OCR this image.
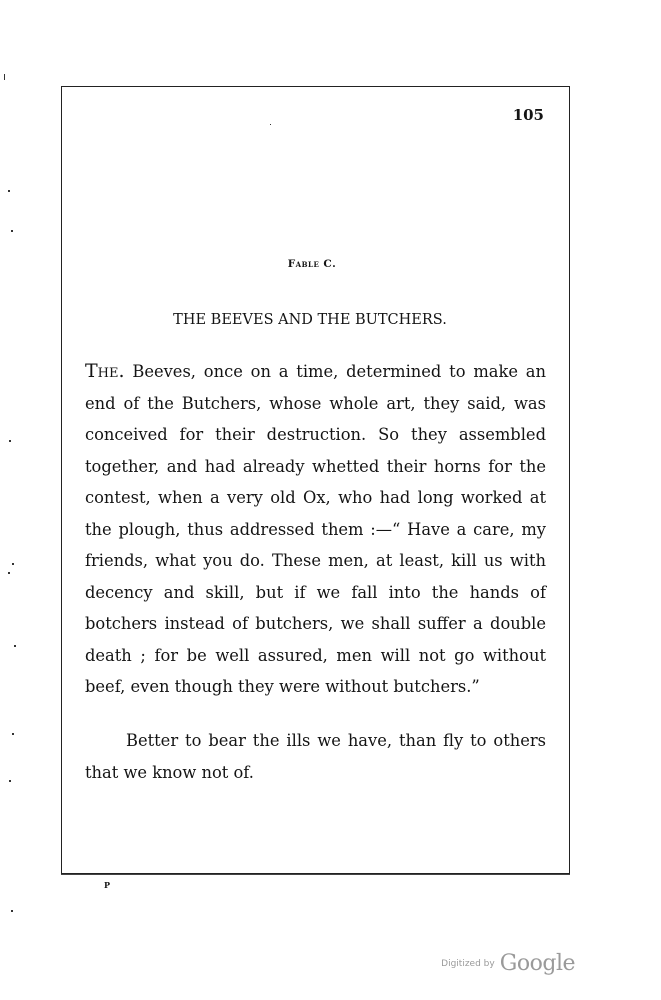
105
Fable C.
THE BEEVES AND THE BUTCHERS.

The. Beeves, once on a time, determined to make an end of the Butchers, whose whole art, they said, was conceived for their destruction. So they assembled together, and had already whetted their horns for the contest, when a very old Ox, who had long worked at the plough, thus addressed them :—“ Have a care, my friends, what you do. These men, at least, kill us with decency and skill, but if we fall into the hands of botchers instead of butchers, we shall suffer a double death ; for be well assured, men will not go without beef, even though they were without butchers.”

Better to bear the ills we have, than fly to others that we know not of.

P
$^{Digitized by}$ Google
